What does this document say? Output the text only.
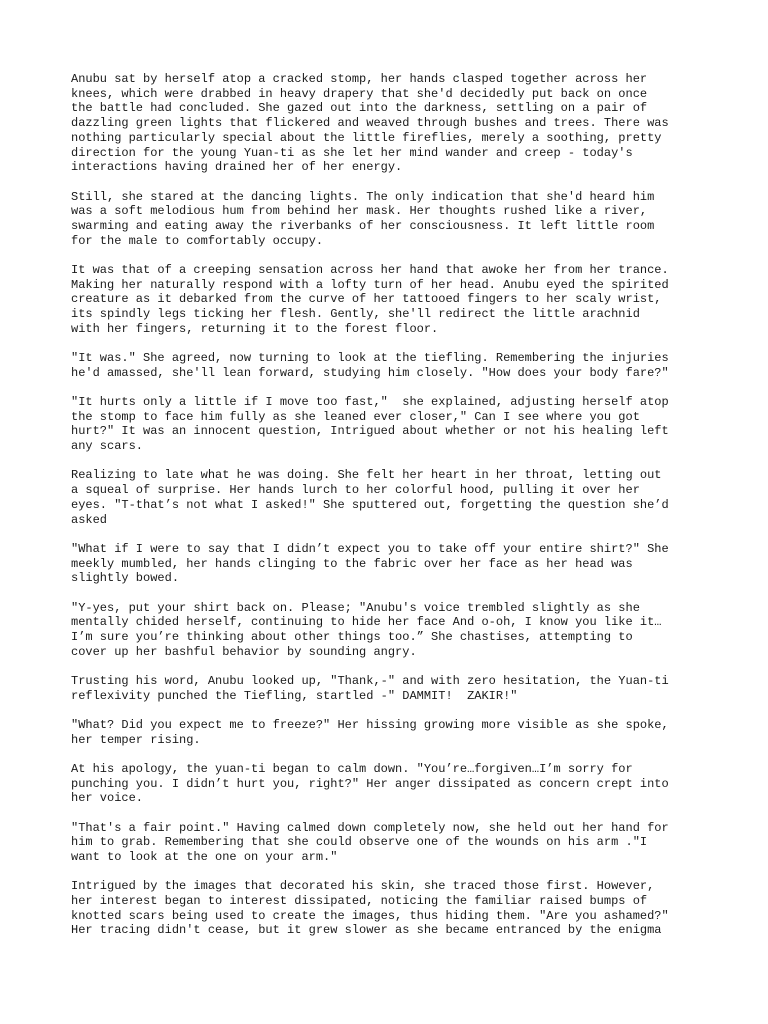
Anubu sat by herself atop a cracked stomp, her hands clasped together across her
knees, which were drabbed in heavy drapery that she'd decidedly put back on once
the battle had concluded. She gazed out into the darkness, settling on a pair of
dazzling green lights that flickered and weaved through bushes and trees. There was
nothing particularly special about the little fireflies, merely a soothing, pretty
direction for the young Yuan-ti as she let her mind wander and creep - today's
interactions having drained her of her energy.
Still, she stared at the dancing lights. The only indication that she'd heard him
was a soft melodious hum from behind her mask. Her thoughts rushed like a river,
swarming and eating away the riverbanks of her consciousness. It left little room
for the male to comfortably occupy.
It was that of a creeping sensation across her hand that awoke her from her trance.
Making her naturally respond with a lofty turn of her head. Anubu eyed the spirited
creature as it debarked from the curve of her tattooed fingers to her scaly wrist,
its spindly legs ticking her flesh. Gently, she'll redirect the little arachnid
with her fingers, returning it to the forest floor.
"It was." She agreed, now turning to look at the tiefling. Remembering the injuries
he'd amassed, she'll lean forward, studying him closely. "How does your body fare?"
"It hurts only a little if I move too fast,"  she explained, adjusting herself atop
the stomp to face him fully as she leaned ever closer," Can I see where you got
hurt?" It was an innocent question, Intrigued about whether or not his healing left
any scars.
Realizing to late what he was doing. She felt her heart in her throat, letting out
a squeal of surprise. Her hands lurch to her colorful hood, pulling it over her
eyes. "T-that’s not what I asked!" She sputtered out, forgetting the question she’d
asked
"What if I were to say that I didn’t expect you to take off your entire shirt?" She
meekly mumbled, her hands clinging to the fabric over her face as her head was
slightly bowed.
"Y-yes, put your shirt back on. Please; "Anubu's voice trembled slightly as she
mentally chided herself, continuing to hide her face And o-oh, I know you like it…
I’m sure you’re thinking about other things too.” She chastises, attempting to
cover up her bashful behavior by sounding angry.
Trusting his word, Anubu looked up, "Thank,-" and with zero hesitation, the Yuan-ti
reflexivity punched the Tiefling, startled -" DAMMIT!  ZAKIR!"
"What? Did you expect me to freeze?" Her hissing growing more visible as she spoke,
her temper rising.
At his apology, the yuan-ti began to calm down. "You’re…forgiven…I’m sorry for
punching you. I didn’t hurt you, right?" Her anger dissipated as concern crept into
her voice.
"That's a fair point." Having calmed down completely now, she held out her hand for
him to grab. Remembering that she could observe one of the wounds on his arm ."I
want to look at the one on your arm."
Intrigued by the images that decorated his skin, she traced those first. However,
her interest began to interest dissipated, noticing the familiar raised bumps of
knotted scars being used to create the images, thus hiding them. "Are you ashamed?"
Her tracing didn't cease, but it grew slower as she became entranced by the enigma
